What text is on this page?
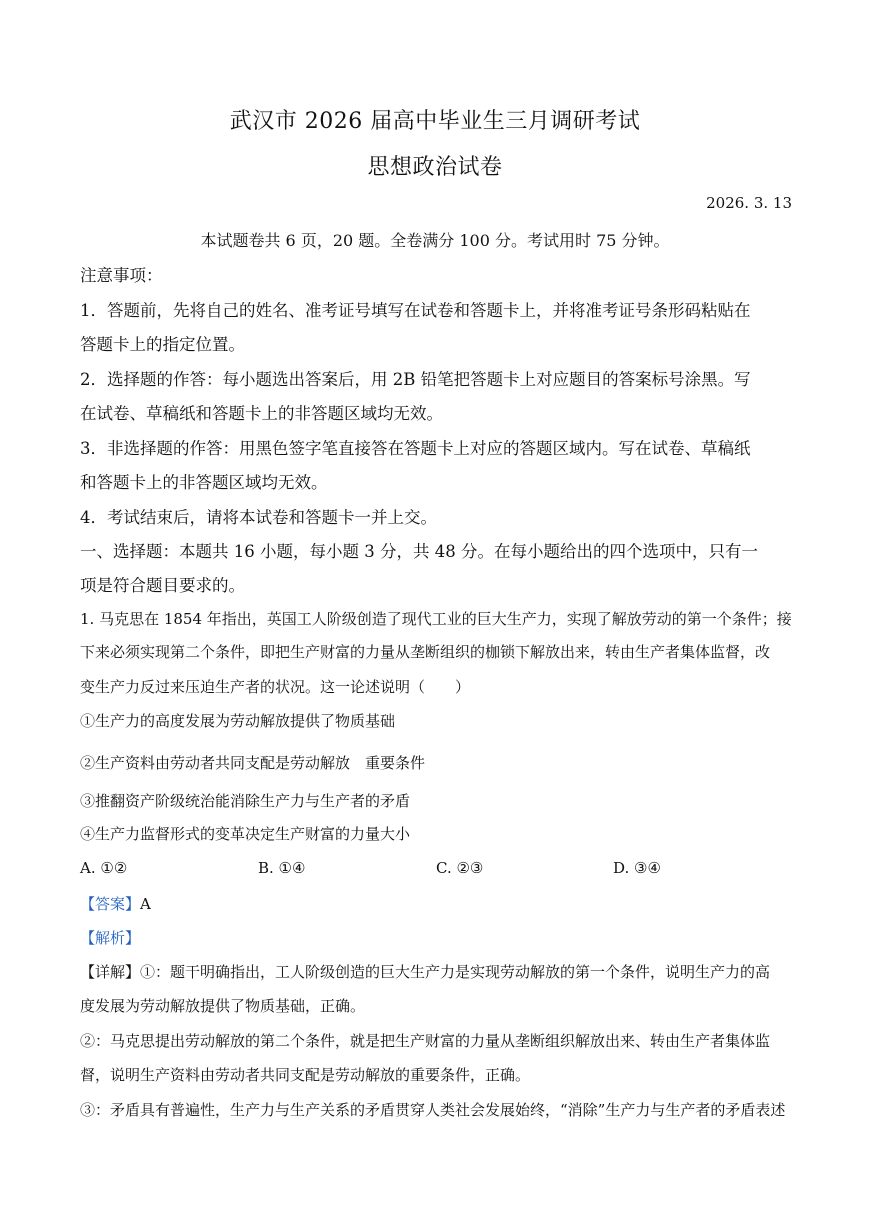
武汉市 2026 届高中毕业生三月调研考试
思想政治试卷
2026. 3. 13
本试题卷共 6 页，20 题。全卷满分 100 分。考试用时 75 分钟。
注意事项：
1．答题前，先将自己的姓名、准考证号填写在试卷和答题卡上，并将准考证号条形码粘贴在
答题卡上的指定位置。
2．选择题的作答：每小题选出答案后，用 2B 铅笔把答题卡上对应题目的答案标号涂黑。写
在试卷、草稿纸和答题卡上的非答题区域均无效。
3．非选择题的作答：用黑色签字笔直接答在答题卡上对应的答题区域内。写在试卷、草稿纸
和答题卡上的非答题区域均无效。
4．考试结束后，请将本试卷和答题卡一并上交。
一、选择题：本题共 16 小题，每小题 3 分，共 48 分。在每小题给出的四个选项中，只有一
项是符合题目要求的。
1. 马克思在 1854 年指出，英国工人阶级创造了现代工业的巨大生产力，实现了解放劳动的第一个条件；接
下来必须实现第二个条件，即把生产财富的力量从垄断组织的枷锁下解放出来，转由生产者集体监督，改
变生产力反过来压迫生产者的状况。这一论述说明（　　）
①生产力的高度发展为劳动解放提供了物质基础
②生产资料由劳动者共同支配是劳动解放　重要条件
③推翻资产阶级统治能消除生产力与生产者的矛盾
④生产力监督形式的变革决定生产财富的力量大小
A. ①②	B. ①④	C. ②③	D. ③④
【答案】A
【解析】
【详解】①：题干明确指出，工人阶级创造的巨大生产力是实现劳动解放的第一个条件，说明生产力的高
度发展为劳动解放提供了物质基础，正确。
②：马克思提出劳动解放的第二个条件，就是把生产财富的力量从垄断组织解放出来、转由生产者集体监
督，说明生产资料由劳动者共同支配是劳动解放的重要条件，正确。
③：矛盾具有普遍性，生产力与生产关系的矛盾贯穿人类社会发展始终，“消除”生产力与生产者的矛盾表述
